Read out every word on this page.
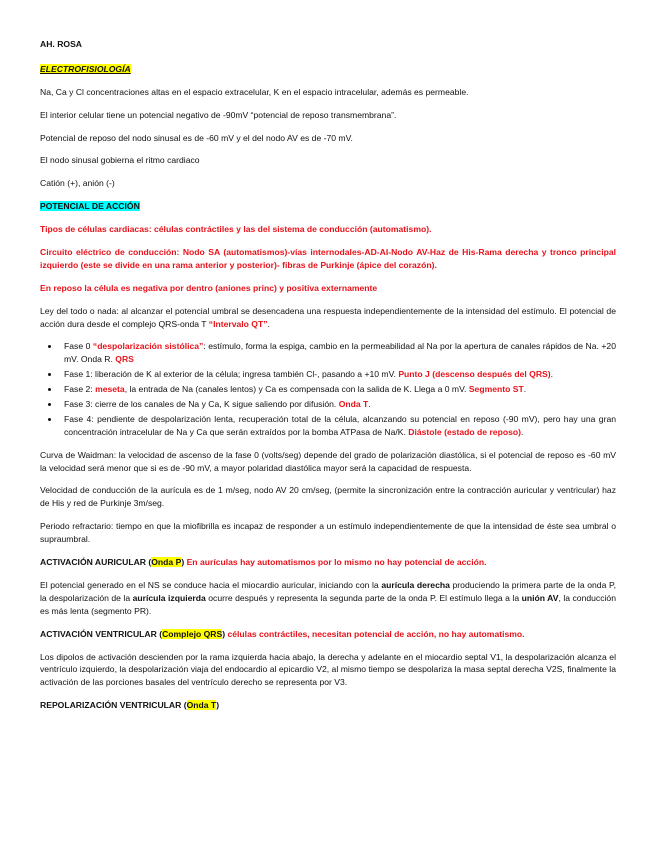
AH. ROSA

ELECTROFISIOLOGÍA

Na, Ca y Cl concentraciones altas en el espacio extracelular, K en el espacio intracelular, además es permeable.

El interior celular tiene un potencial negativo de -90mV “potencial de reposo transmembrana”.

Potencial de reposo del nodo sinusal es de -60 mV y el del nodo AV es de -70 mV.

El nodo sinusal gobierna el ritmo cardiaco

Catión (+), anión (-)

POTENCIAL DE ACCIÓN

Tipos de células cardiacas: células contráctiles y las del sistema de conducción (automatismo).

Circuito eléctrico de conducción: Nodo SA (automatismos)-vías internodales-AD-AI-Nodo AV-Haz de His-Rama derecha y tronco principal izquierdo (este se divide en una rama anterior y posterior)- fibras de Purkinje (ápice del corazón).

En reposo la célula es negativa por dentro (aniones princ) y positiva externamente

Ley del todo o nada: al alcanzar el potencial umbral se desencadena una respuesta independientemente de la intensidad del estímulo. El potencial de acción dura desde el complejo QRS-onda T “Intervalo QT”.

• Fase 0 “despolarización sistólica”: estímulo, forma la espiga, cambio en la permeabilidad al Na por la apertura de canales rápidos de Na. +20 mV. Onda R. QRS
• Fase 1: liberación de K al exterior de la célula; ingresa también Cl-, pasando a +10 mV. Punto J (descenso después del QRS).
• Fase 2: meseta, la entrada de Na (canales lentos) y Ca es compensada con la salida de K. Llega a 0 mV. Segmento ST.
• Fase 3: cierre de los canales de Na y Ca, K sigue saliendo por difusión. Onda T.
• Fase 4: pendiente de despolarización lenta, recuperación total de la célula, alcanzando su potencial en reposo (-90 mV), pero hay una gran concentración intracelular de Na y Ca que serán extraídos por la bomba ATPasa de Na/K. Diástole (estado de reposo).

Curva de Waidman: la velocidad de ascenso de la fase 0 (volts/seg) depende del grado de polarización diastólica, si el potencial de reposo es -60 mV la velocidad será menor que si es de -90 mV, a mayor polaridad diastólica mayor será la capacidad de respuesta.

Velocidad de conducción de la aurícula es de 1 m/seg, nodo AV 20 cm/seg, (permite la sincronización entre la contracción auricular y ventricular) haz de His y red de Purkinje 3m/seg.

Periodo refractario: tiempo en que la miofibrilla es incapaz de responder a un estímulo independientemente de que la intensidad de éste sea umbral o supraumbral.

ACTIVACIÓN AURICULAR (Onda P) En aurículas hay automatismos por lo mismo no hay potencial de acción.

El potencial generado en el NS se conduce hacia el miocardio auricular, iniciando con la aurícula derecha produciendo la primera parte de la onda P, la despolarización de la aurícula izquierda ocurre después y representa la segunda parte de la onda P. El estímulo llega a la unión AV, la conducción es más lenta (segmento PR).

ACTIVACIÓN VENTRICULAR (Complejo QRS) células contráctiles, necesitan potencial de acción, no hay automatismo.

Los dipolos de activación descienden por la rama izquierda hacia abajo, la derecha y adelante en el miocardio septal V1, la despolarización alcanza el ventrículo izquierdo, la despolarización viaja del endocardio al epicardio V2, al mismo tiempo se despolariza la masa septal derecha V2S, finalmente la activación de las porciones basales del ventrículo derecho se representa por V3.

REPOLARIZACIÓN VENTRICULAR (Onda T)
